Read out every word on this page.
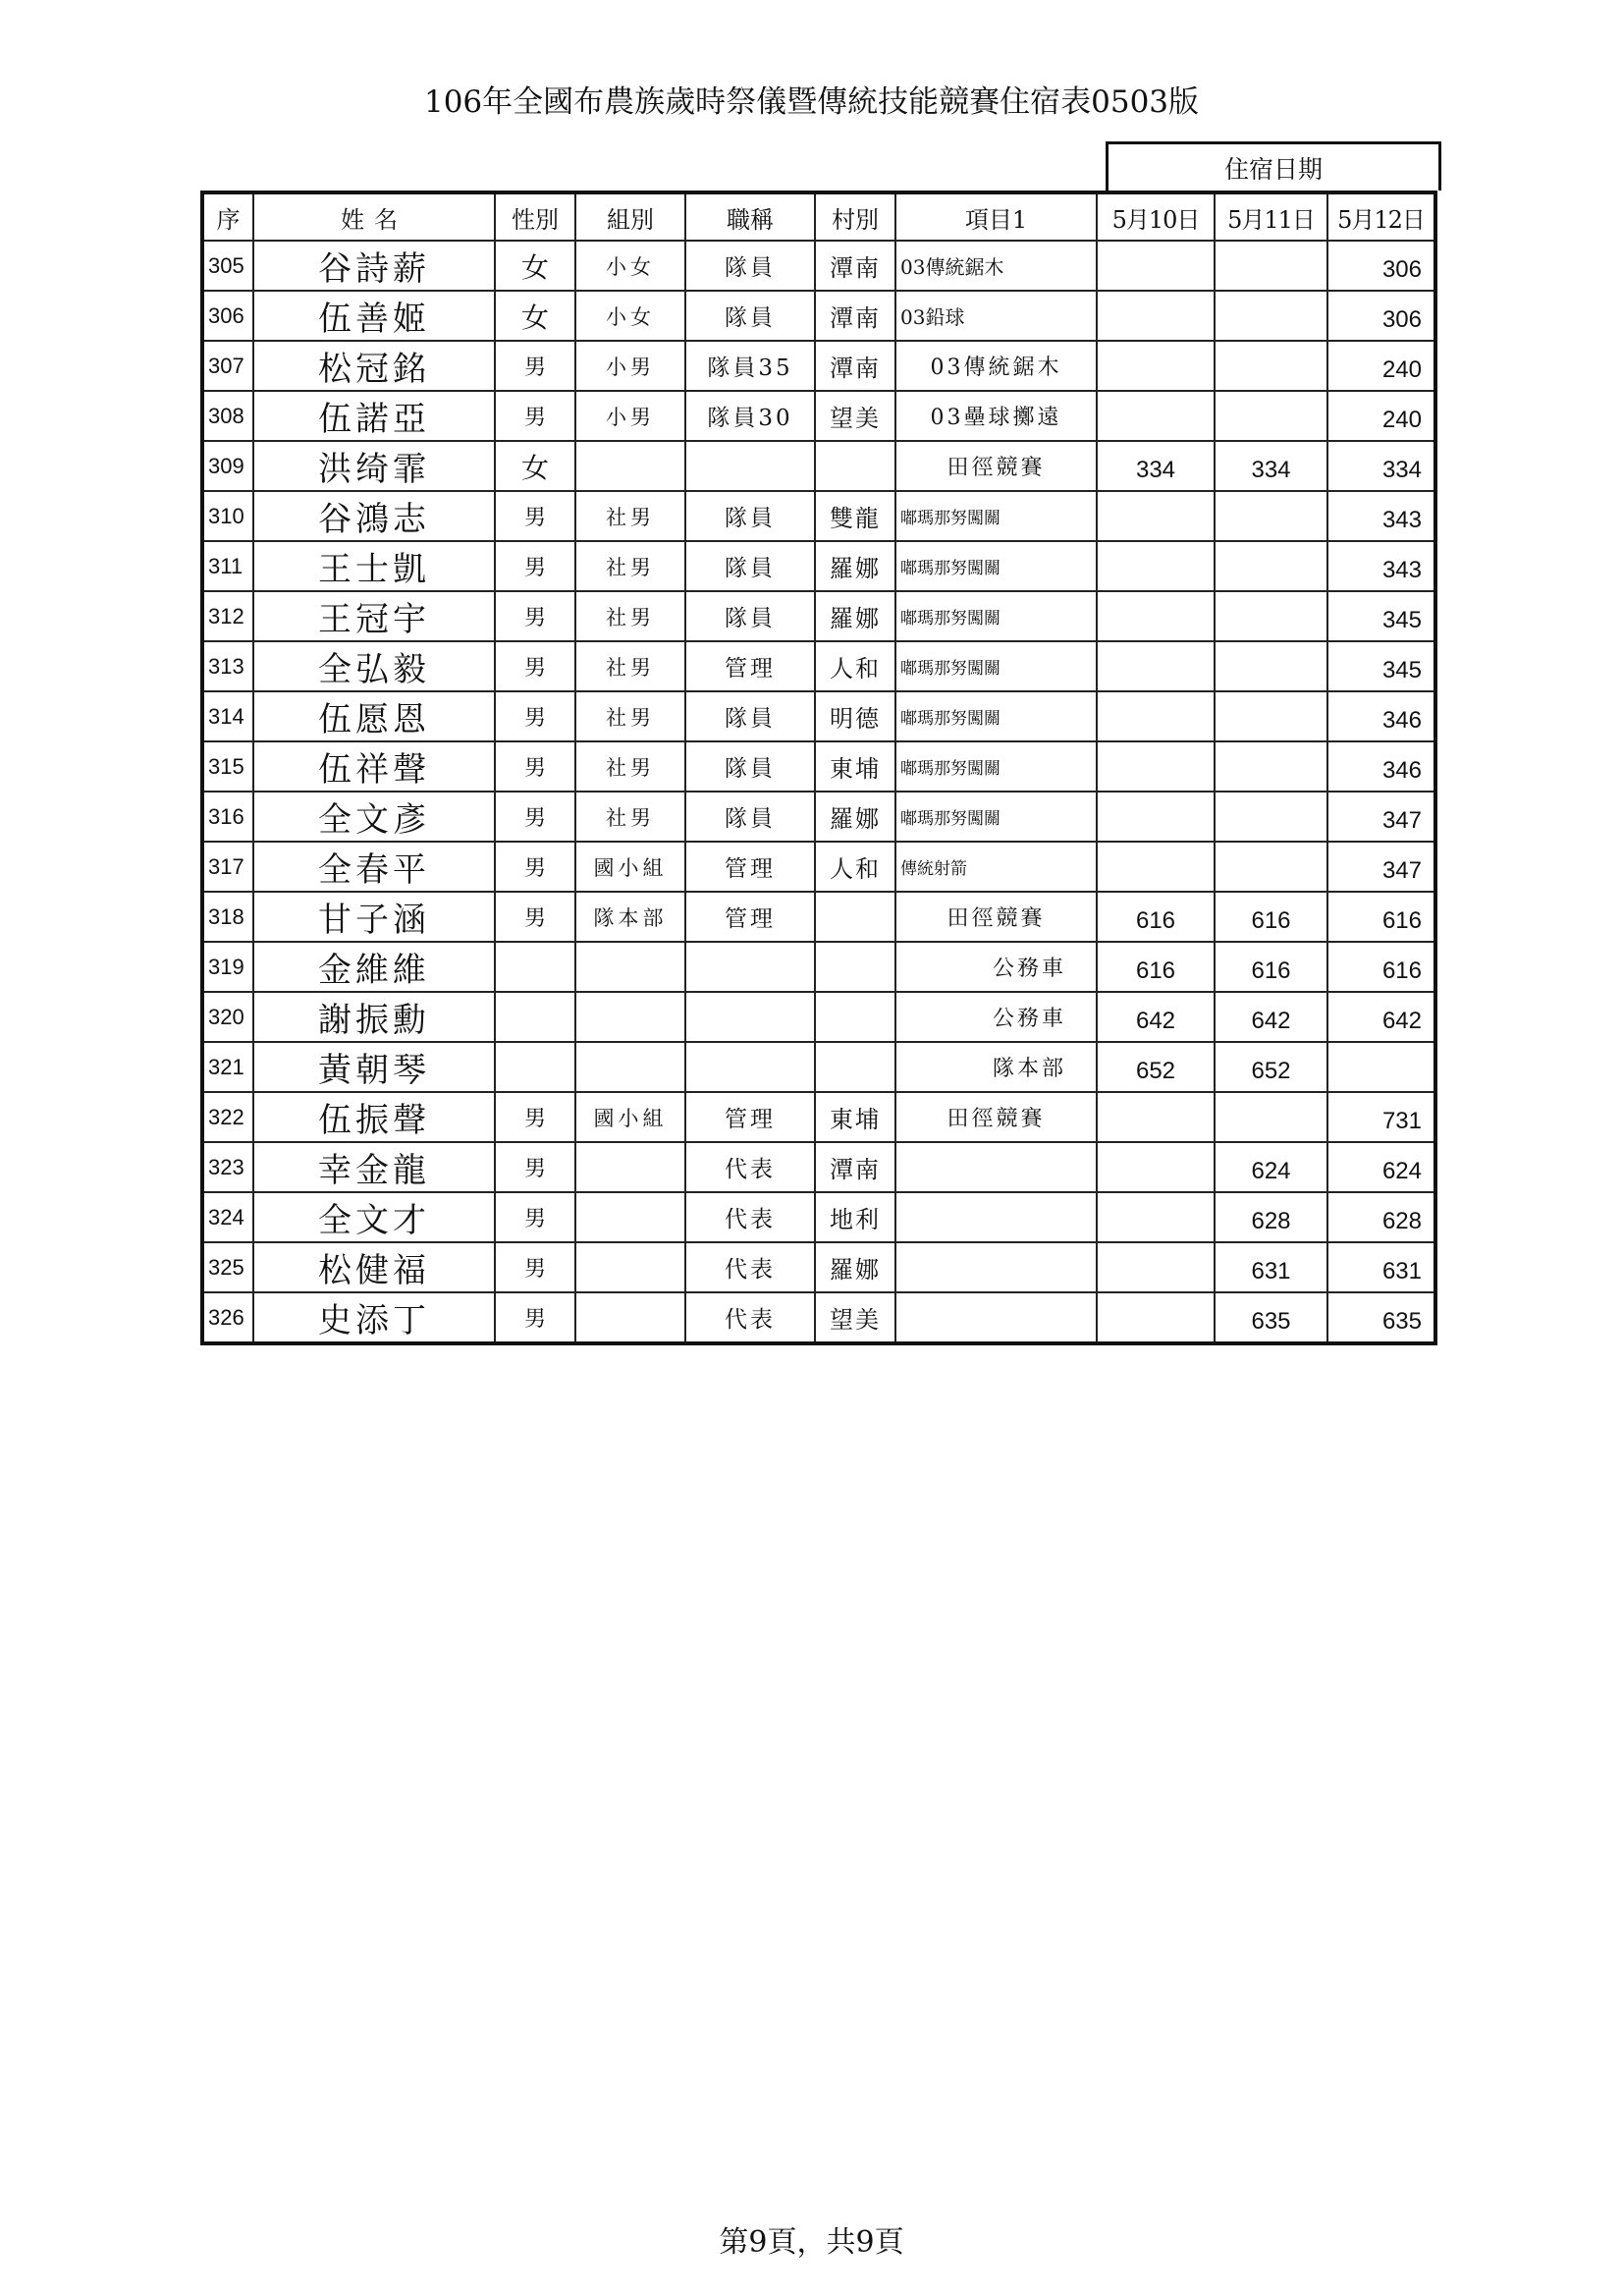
106年全國布農族歲時祭儀暨傳統技能競賽住宿表0503版
住宿日期
序	姓名	性別	組別	職稱	村別	項目1	5月10日	5月11日	5月12日
305	谷詩薪	女	小女	隊員	潭南	03傳統鋸木			306
306	伍善姬	女	小女	隊員	潭南	03鉛球			306
307	松冠銘	男	小男	隊員35	潭南	03傳統鋸木			240
308	伍諾亞	男	小男	隊員30	望美	03壘球擲遠			240
309	洪绮霏	女				田徑競賽	334	334	334
310	谷鴻志	男	社男	隊員	雙龍	嘟瑪那努闖關			343
311	王士凱	男	社男	隊員	羅娜	嘟瑪那努闖關			343
312	王冠宇	男	社男	隊員	羅娜	嘟瑪那努闖關			345
313	全弘毅	男	社男	管理	人和	嘟瑪那努闖關			345
314	伍愿恩	男	社男	隊員	明德	嘟瑪那努闖關			346
315	伍祥聲	男	社男	隊員	東埔	嘟瑪那努闖關			346
316	全文彥	男	社男	隊員	羅娜	嘟瑪那努闖關			347
317	全春平	男	國小組	管理	人和	傳統射箭			347
318	甘子涵	男	隊本部	管理		田徑競賽	616	616	616
319	金維維					公務車	616	616	616
320	謝振勳					公務車	642	642	642
321	黃朝琴					隊本部	652	652	
322	伍振聲	男	國小組	管理	東埔	田徑競賽			731
323	幸金龍	男		代表	潭南			624	624
324	全文才	男		代表	地利			628	628
325	松健福	男		代表	羅娜			631	631
326	史添丁	男		代表	望美			635	635
第9頁，共9頁
